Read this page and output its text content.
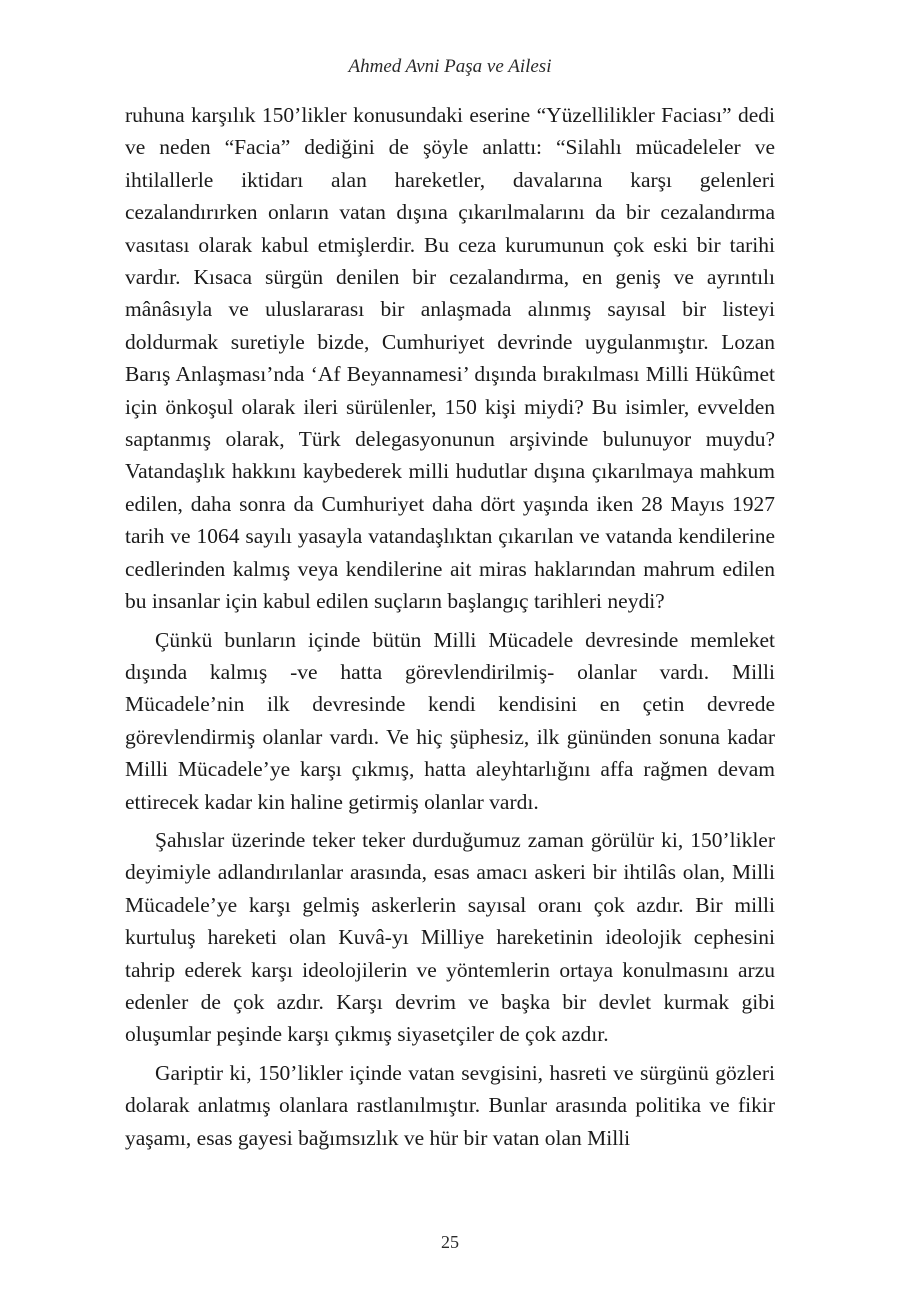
Ahmed Avni Paşa ve Ailesi

ruhuna karşılık 150’likler konusundaki eserine “Yüzellilikler Faciası” dedi ve neden “Facia” dediğini de şöyle anlattı: “Silahlı mücadeleler ve ihtilallerle iktidarı alan hareketler, davalarına karşı gelenleri cezalandırırken onların vatan dışına çıkarılmalarını da bir cezalandırma vasıtası olarak kabul etmişlerdir. Bu ceza kurumunun çok eski bir tarihi vardır. Kısaca sürgün denilen bir cezalandırma, en geniş ve ayrıntılı mânâsıyla ve uluslararası bir anlaşmada alınmış sayısal bir listeyi doldurmak suretiyle bizde, Cumhuriyet devrinde uygulanmıştır. Lozan Barış Anlaşması’nda ‘Af Beyannamesi’ dışında bırakılması Milli Hükûmet için önkoşul olarak ileri sürülenler, 150 kişi miydi? Bu isimler, evvelden saptanmış olarak, Türk delegasyonunun arşivinde bulunuyor muydu? Vatandaşlık hakkını kaybederek milli hudutlar dışına çıkarılmaya mahkum edilen, daha sonra da Cumhuriyet daha dört yaşında iken 28 Mayıs 1927 tarih ve 1064 sayılı yasayla vatandaşlıktan çıkarılan ve vatanda kendilerine cedlerinden kalmış veya kendilerine ait miras haklarından mahrum edilen bu insanlar için kabul edilen suçların başlangıç tarihleri neydi?

Çünkü bunların içinde bütün Milli Mücadele devresinde memleket dışında kalmış -ve hatta görevlendirilmiş- olanlar vardı. Milli Mücadele’nin ilk devresinde kendi kendisini en çetin devrede görevlendirmiş olanlar vardı. Ve hiç şüphesiz, ilk gününden sonuna kadar Milli Mücadele’ye karşı çıkmış, hatta aleyhtarlığını affa rağmen devam ettirecek kadar kin haline getirmiş olanlar vardı.

Şahıslar üzerinde teker teker durduğumuz zaman görülür ki, 150’likler deyimiyle adlandırılanlar arasında, esas amacı askeri bir ihtilâs olan, Milli Mücadele’ye karşı gelmiş askerlerin sayısal oranı çok azdır. Bir milli kurtuluş hareketi olan Kuvâ-yı Milliye hareketinin ideolojik cephesini tahrip ederek karşı ideolojilerin ve yöntemlerin ortaya konulmasını arzu edenler de çok azdır. Karşı devrim ve başka bir devlet kurmak gibi oluşumlar peşinde karşı çıkmış siyasetçiler de çok azdır.

Gariptir ki, 150’likler içinde vatan sevgisini, hasreti ve sürgünü gözleri dolarak anlatmış olanlara rastlanılmıştır. Bunlar arasında politika ve fikir yaşamı, esas gayesi bağımsızlık ve hür bir vatan olan Milli

25
